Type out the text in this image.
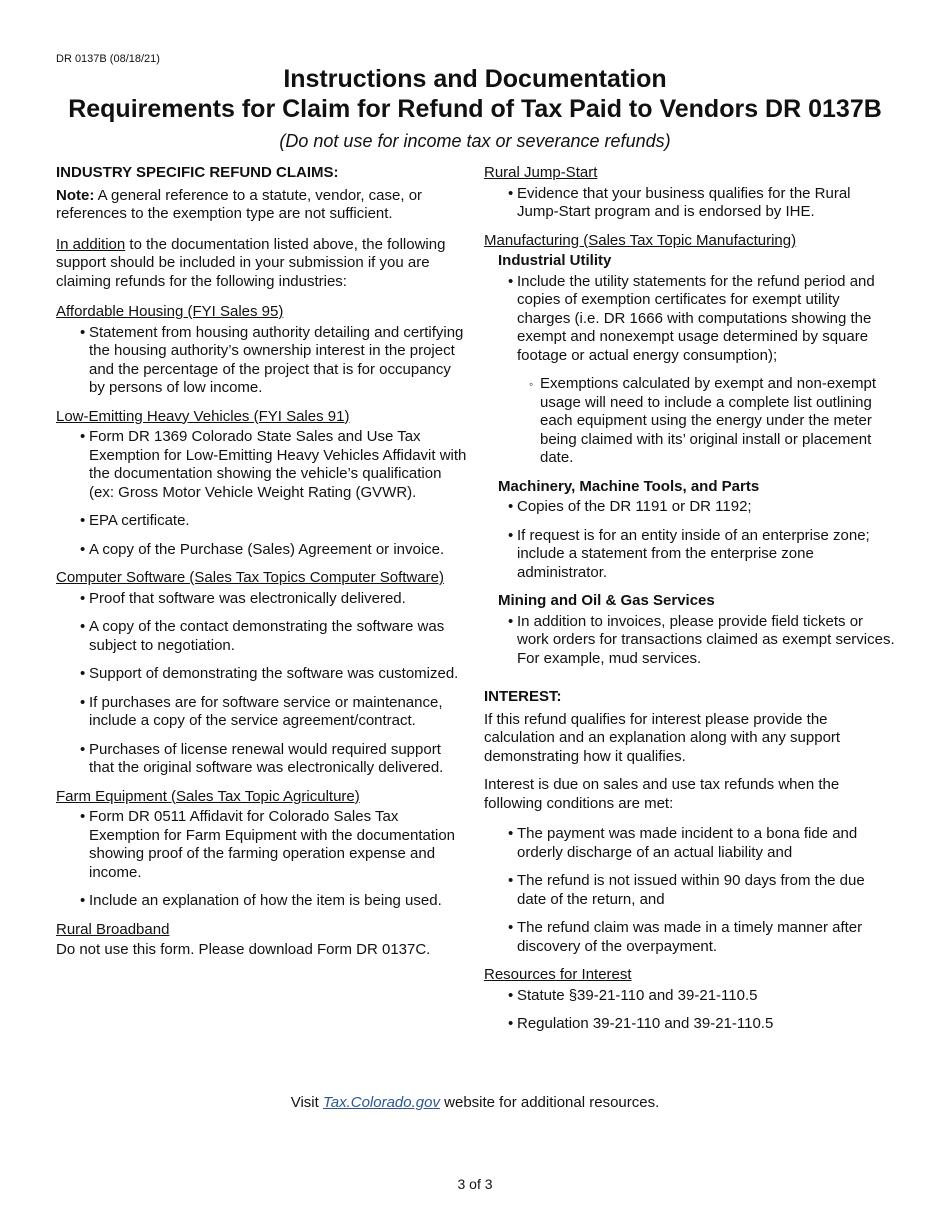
DR 0137B (08/18/21)
Instructions and Documentation
Requirements for Claim for Refund of Tax Paid to Vendors DR 0137B
(Do not use for income tax or severance refunds)
INDUSTRY SPECIFIC REFUND CLAIMS:

Note: A general reference to a statute, vendor, case, or references to the exemption type are not sufficient.

In addition to the documentation listed above, the following support should be included in your submission if you are claiming refunds for the following industries:

Affordable Housing (FYI Sales 95)
• Statement from housing authority detailing and certifying the housing authority’s ownership interest in the project and the percentage of the project that is for occupancy by persons of low income.
Low-Emitting Heavy Vehicles (FYI Sales 91)
• Form DR 1369 Colorado State Sales and Use Tax Exemption for Low-Emitting Heavy Vehicles Affidavit with the documentation showing the vehicle’s qualification (ex: Gross Motor Vehicle Weight Rating (GVWR).
• EPA certificate.
• A copy of the Purchase (Sales) Agreement or invoice.
Computer Software (Sales Tax Topics Computer Software)
• Proof that software was electronically delivered.
• A copy of the contact demonstrating the software was subject to negotiation.
• Support of demonstrating the software was customized.
• If purchases are for software service or maintenance, include a copy of the service agreement/contract.
• Purchases of license renewal would required support that the original software was electronically delivered.
Farm Equipment (Sales Tax Topic Agriculture)
• Form DR 0511 Affidavit for Colorado Sales Tax Exemption for Farm Equipment with the documentation showing proof of the farming operation expense and income.
• Include an explanation of how the item is being used.
Rural Broadband

Do not use this form. Please download Form DR 0137C.

Rural Jump-Start
• Evidence that your business qualifies for the Rural Jump-Start program and is endorsed by IHE.
Manufacturing (Sales Tax Topic Manufacturing)
Industrial Utility
• Include the utility statements for the refund period and copies of exemption certificates for exempt utility charges (i.e. DR 1666 with computations showing the exempt and nonexempt usage determined by square footage or actual energy consumption);
◦ Exemptions calculated by exempt and non-exempt usage will need to include a complete list outlining each equipment using the energy under the meter being claimed with its’ original install or placement date.
Machinery, Machine Tools, and Parts
• Copies of the DR 1191 or DR 1192;
• If request is for an entity inside of an enterprise zone; include a statement from the enterprise zone administrator.
Mining and Oil & Gas Services
• In addition to invoices, please provide field tickets or work orders for transactions claimed as exempt services. For example, mud services.
INTEREST:

If this refund qualifies for interest please provide the calculation and an explanation along with any support demonstrating how it qualifies.

Interest is due on sales and use tax refunds when the following conditions are met:

• The payment was made incident to a bona fide and orderly discharge of an actual liability and
• The refund is not issued within 90 days from the due date of the return, and
• The refund claim was made in a timely manner after discovery of the overpayment.
Resources for Interest
• Statute §39-21-110 and 39-21-110.5
• Regulation 39-21-110 and 39-21-110.5
Visit Tax.Colorado.gov website for additional resources.
3 of 3
